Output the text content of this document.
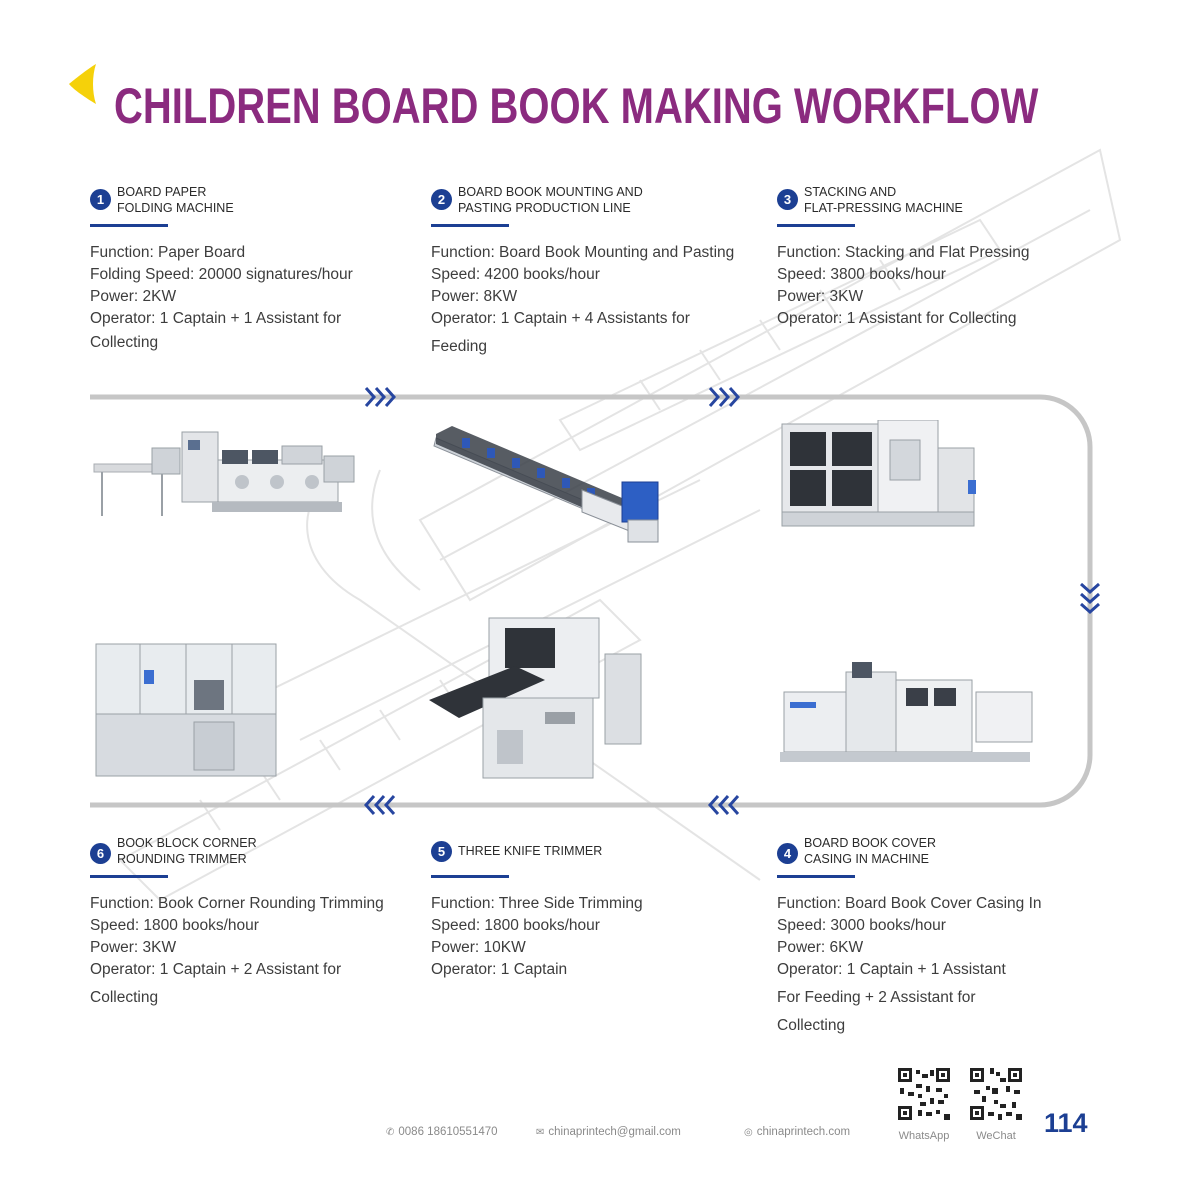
CHILDREN BOARD BOOK MAKING WORKFLOW
1	BOARD PAPER
FOLDING MACHINE
Function: Paper Board
Folding Speed: 20000 signatures/hour
Power: 2KW
Operator: 1 Captain + 1 Assistant for
Collecting
2	BOARD BOOK MOUNTING AND
PASTING PRODUCTION LINE
Function: Board Book Mounting and Pasting
Speed: 4200 books/hour
Power: 8KW
Operator: 1 Captain + 4 Assistants for
Feeding
3	STACKING AND
FLAT-PRESSING MACHINE
Function: Stacking and Flat Pressing
Speed: 3800 books/hour
Power: 3KW
Operator: 1 Assistant for Collecting
6
BOOK BLOCK CORNER
ROUNDING TRIMMER
Function: Book Corner Rounding Trimming
Speed: 1800 books/hour
Power: 3KW
Operator: 1 Captain + 2 Assistant for
Collecting
5	THREE KNIFE TRIMMER
Function: Three Side Trimming
Speed: 1800 books/hour
Power: 10KW
Operator: 1 Captain
4
BOARD BOOK COVER
CASING IN MACHINE
Function: Board Book Cover Casing In
Speed: 3000 books/hour
Power: 6KW
Operator: 1 Captain + 1 Assistant
For Feeding + 2 Assistant for
Collecting
✆ 0086 18610551470	✉ chinaprintech@gmail.com	◎ chinaprintech.com	WhatsApp	WeChat	114
